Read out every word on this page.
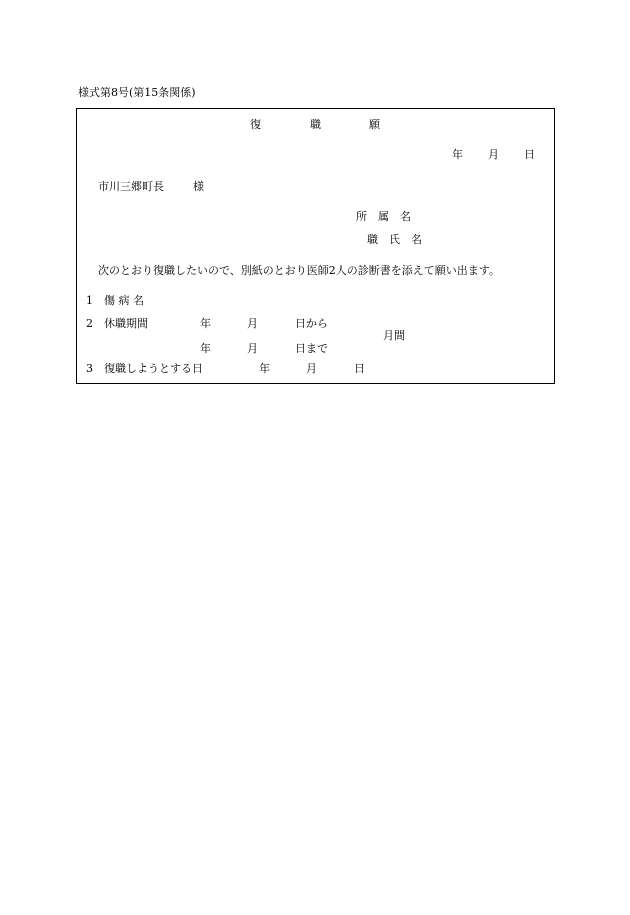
様式第8号(第15条関係)
復	職	願
年 月 日
市川三郷町長	様
所　属　名
職　氏　名
次のとおり復職したいので、別紙のとおり医師2人の診断書を添えて願い出ます。
1 傷 病 名
2 休職期間	年	月	日から
月間
年	月	日まで
3 復職しようとする日	年	月	日
